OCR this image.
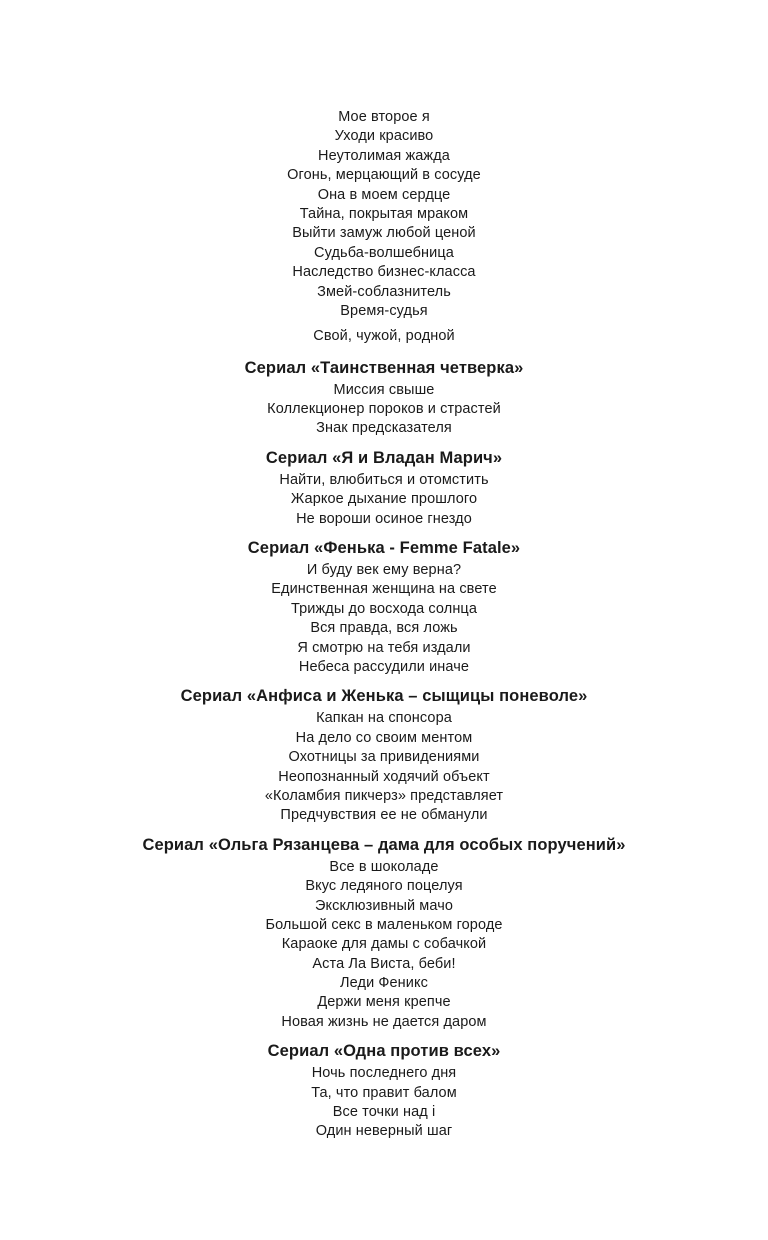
Мое второе я
Уходи красиво
Неутолимая жажда
Огонь, мерцающий в сосуде
Она в моем сердце
Тайна, покрытая мраком
Выйти замуж любой ценой
Судьба-волшебница
Наследство бизнес-класса
Змей-соблазнитель
Время-судья
Свой, чужой, родной
Сериал «Таинственная четверка»
Миссия свыше
Коллекционер пороков и страстей
Знак предсказателя
Сериал «Я и Владан Марич»
Найти, влюбиться и отомстить
Жаркое дыхание прошлого
Не вороши осиное гнездо
Сериал «Фенька - Femme Fatale»
И буду век ему верна?
Единственная женщина на свете
Трижды до восхода солнца
Вся правда, вся ложь
Я смотрю на тебя издали
Небеса рассудили иначе
Сериал «Анфиса и Женька – сыщицы поневоле»
Капкан на спонсора
На дело со своим ментом
Охотницы за привидениями
Неопознанный ходячий объект
«Коламбия пикчерз» представляет
Предчувствия ее не обманули
Сериал «Ольга Рязанцева – дама для особых поручений»
Все в шоколаде
Вкус ледяного поцелуя
Эксклюзивный мачо
Большой секс в маленьком городе
Караоке для дамы с собачкой
Аста Ла Виста, беби!
Леди Феникс
Держи меня крепче
Новая жизнь не дается даром
Сериал «Одна против всех»
Ночь последнего дня
Та, что правит балом
Все точки над i
Один неверный шаг
